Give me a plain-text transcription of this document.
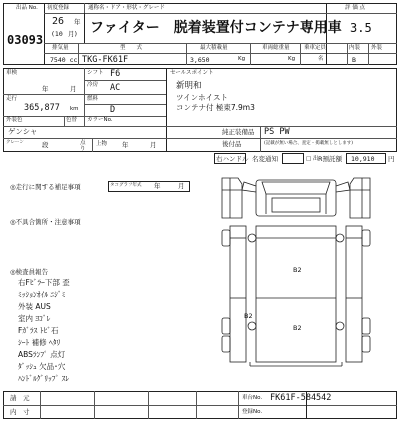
出品 No.
03093
初度登録	通称名・ドア・形状・グレード
26 年
(10 月) ファイター　脱着装置付コンテナ専用車
排気量	型　　式	最大積載量	車両総重量	乗車定員
7540 cc TKG-FK61F	3,650	Kg	Kg	名
評 価 点
3.5
内装 外装
B
車検
年	月
シフト F6
冷房 AC
走行
365,877 km
燃料
D
外装色	色替 カラーNo.
ゲンシャ
クレーン	段	点
り
上物 年	月
セールスポイント
新明和
ツインホイスト
コンテナ付 極東7.9m3
純正装備品 PS PW
後付品	(記載が無い場合、査定・掲載無しとします)
右ハンドル 名変通知	□ 出 R預託額 10,910 円
◎走行に関する補足事項	タコグラフ年式 年	月
◎不具合箇所・注意事項
◎検査員報告
右Fﾋﾞﾗｰ下部 歪
ﾐｯｼｮﾝｵｲﾙ ﾆｼﾞﾐ
外装 AUS
室内 ﾖｺﾞﾚ
Fｶﾞﾗｽ ﾄﾋﾞ石
ｼｰﾄ 補修 ﾍﾀﾘ
ABSﾗﾝﾌﾟ 点灯
ﾀﾞｯｼｭ 欠品･穴
ﾊﾝﾄﾞﾙｸﾞﾘｯﾌﾟ ｽﾚ
B2
B2
B2
請　元
内　寸
車台No. FK61F-584542
登録No.
